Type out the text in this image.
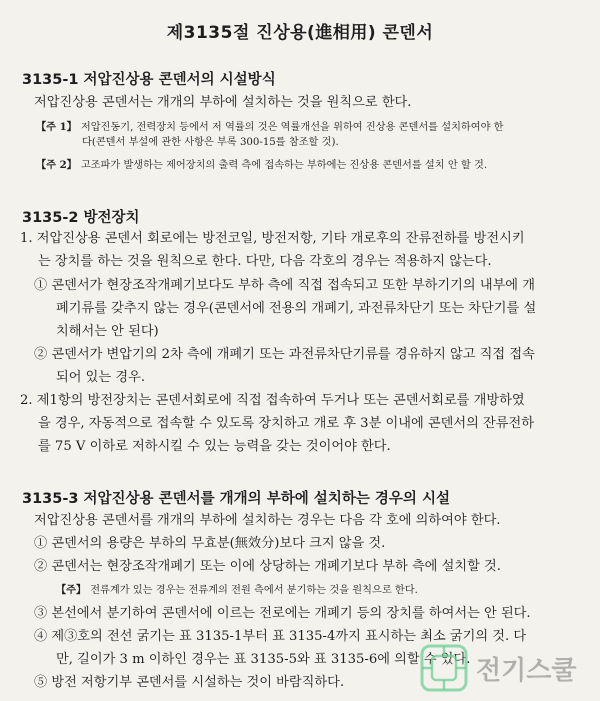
제3135절 진상용(進相用) 콘덴서
3135-1 저압진상용 콘덴서의 시설방식
저압진상용 콘덴서는 개개의 부하에 설치하는 것을 원칙으로 한다.
【주 1】 저압진동기, 전력장치 등에서 저 역률의 것은 역률개선을 위하여 진상용 콘덴서를 설치하여야 한
다(콘덴서 부설에 관한 사항은 부록 300-15를 참조할 것).
【주 2】 고조파가 발생하는 제어장치의 출력 측에 접속하는 부하에는 진상용 콘덴서를 설치 안 할 것.
3135-2 방전장치
1. 저압진상용 콘덴서 회로에는 방전코일, 방전저항, 기타 개로후의 잔류전하를 방전시키
는 장치를 하는 것을 원칙으로 한다. 다만, 다음 각호의 경우는 적용하지 않는다.
① 콘덴서가 현장조작개폐기보다도 부하 측에 직접 접속되고 또한 부하기기의 내부에 개
폐기류를 갖추지 않는 경우(콘덴서에 전용의 개폐기, 과전류차단기 또는 차단기를 설
치해서는 안 된다)
② 콘덴서가 변압기의 2차 측에 개폐기 또는 과전류차단기류를 경유하지 않고 직접 접속
되어 있는 경우.
2. 제1항의 방전장치는 콘덴서회로에 직접 접속하여 두거나 또는 콘덴서회로를 개방하였
을 경우, 자동적으로 접속할 수 있도록 장치하고 개로 후 3분 이내에 콘덴서의 잔류전하
를 75 V 이하로 저하시킬 수 있는 능력을 갖는 것이어야 한다.
3135-3 저압진상용 콘덴서를 개개의 부하에 설치하는 경우의 시설
저압진상용 콘덴서를 개개의 부하에 설치하는 경우는 다음 각 호에 의하여야 한다.
① 콘덴서의 용량은 부하의 무효분(無效分)보다 크지 않을 것.
② 콘덴서는 현장조작개폐기 또는 이에 상당하는 개폐기보다 부하 측에 설치할 것.
【주】 전류계가 있는 경우는 전류계의 전원 측에서 분기하는 것을 원칙으로 한다.
③ 본선에서 분기하여 콘덴서에 이르는 전로에는 개폐기 등의 장치를 하여서는 안 된다.
④ 제③호의 전선 굵기는 표 3135-1부터 표 3135-4까지 표시하는 최소 굵기의 것. 다
만, 길이가 3 m 이하인 경우는 표 3135-5와 표 3135-6에 의할 수 있다.
⑤ 방전 저항기부 콘덴서를 시설하는 것이 바람직하다.	전기스쿨
